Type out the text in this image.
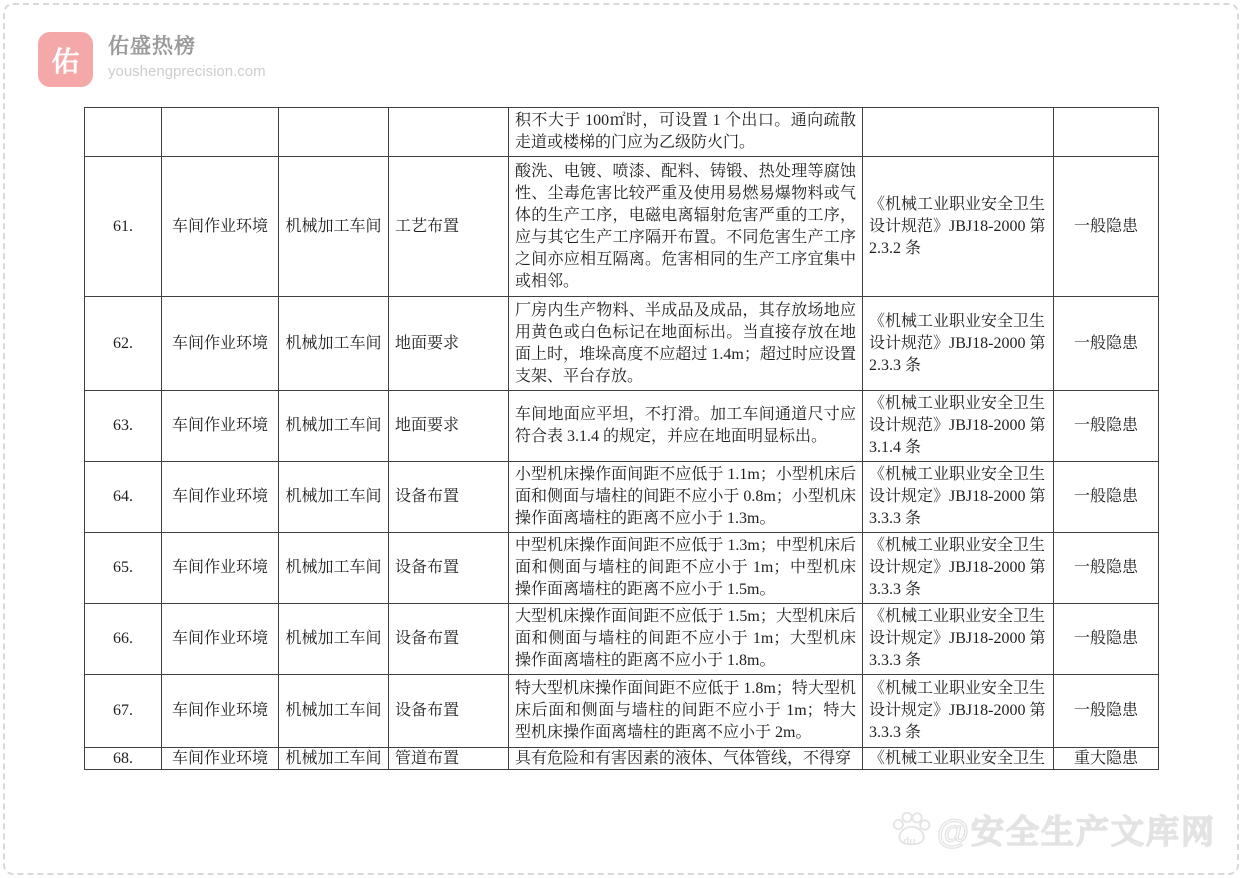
佑	佑盛热榜
youshengprecision.com
				积不大于 100㎡时，可设置 1 个出口。通向疏散走道或楼梯的门应为乙级防火门。		
61.	车间作业环境	机械加工车间	工艺布置	酸洗、电镀、喷漆、配料、铸锻、热处理等腐蚀性、尘毒危害比较严重及使用易燃易爆物料或气体的生产工序，电磁电离辐射危害严重的工序，应与其它生产工序隔开布置。不同危害生产工序之间亦应相互隔离。危害相同的生产工序宜集中或相邻。	《机械工业职业安全卫生设计规范》JBJ18-2000 第 2.3.2 条	一般隐患
62.	车间作业环境	机械加工车间	地面要求	厂房内生产物料、半成品及成品，其存放场地应用黄色或白色标记在地面标出。当直接存放在地面上时，堆垛高度不应超过 1.4m；超过时应设置支架、平台存放。	《机械工业职业安全卫生设计规范》JBJ18-2000 第 2.3.3 条	一般隐患
63.	车间作业环境	机械加工车间	地面要求	车间地面应平坦，不打滑。加工车间通道尺寸应符合表 3.1.4 的规定，并应在地面明显标出。	《机械工业职业安全卫生设计规范》JBJ18-2000 第 3.1.4 条	一般隐患
64.	车间作业环境	机械加工车间	设备布置	小型机床操作面间距不应低于 1.1m；小型机床后面和侧面与墙柱的间距不应小于 0.8m；小型机床操作面离墙柱的距离不应小于 1.3m。	《机械工业职业安全卫生设计规定》JBJ18-2000 第 3.3.3 条	一般隐患
65.	车间作业环境	机械加工车间	设备布置	中型机床操作面间距不应低于 1.3m；中型机床后面和侧面与墙柱的间距不应小于 1m；中型机床操作面离墙柱的距离不应小于 1.5m。	《机械工业职业安全卫生设计规定》JBJ18-2000 第 3.3.3 条	一般隐患
66.	车间作业环境	机械加工车间	设备布置	大型机床操作面间距不应低于 1.5m；大型机床后面和侧面与墙柱的间距不应小于 1m；大型机床操作面离墙柱的距离不应小于 1.8m。	《机械工业职业安全卫生设计规定》JBJ18-2000 第 3.3.3 条	一般隐患
67.	车间作业环境	机械加工车间	设备布置	特大型机床操作面间距不应低于 1.8m；特大型机床后面和侧面与墙柱的间距不应小于 1m；特大型机床操作面离墙柱的距离不应小于 2m。	《机械工业职业安全卫生设计规定》JBJ18-2000 第 3.3.3 条	一般隐患

68.	车间作业环境	机械加工车间	管道布置	具有危险和有害因素的液体、气体管线，不得穿	《机械工业职业安全卫生	重大隐患
du @安全生产文库网
